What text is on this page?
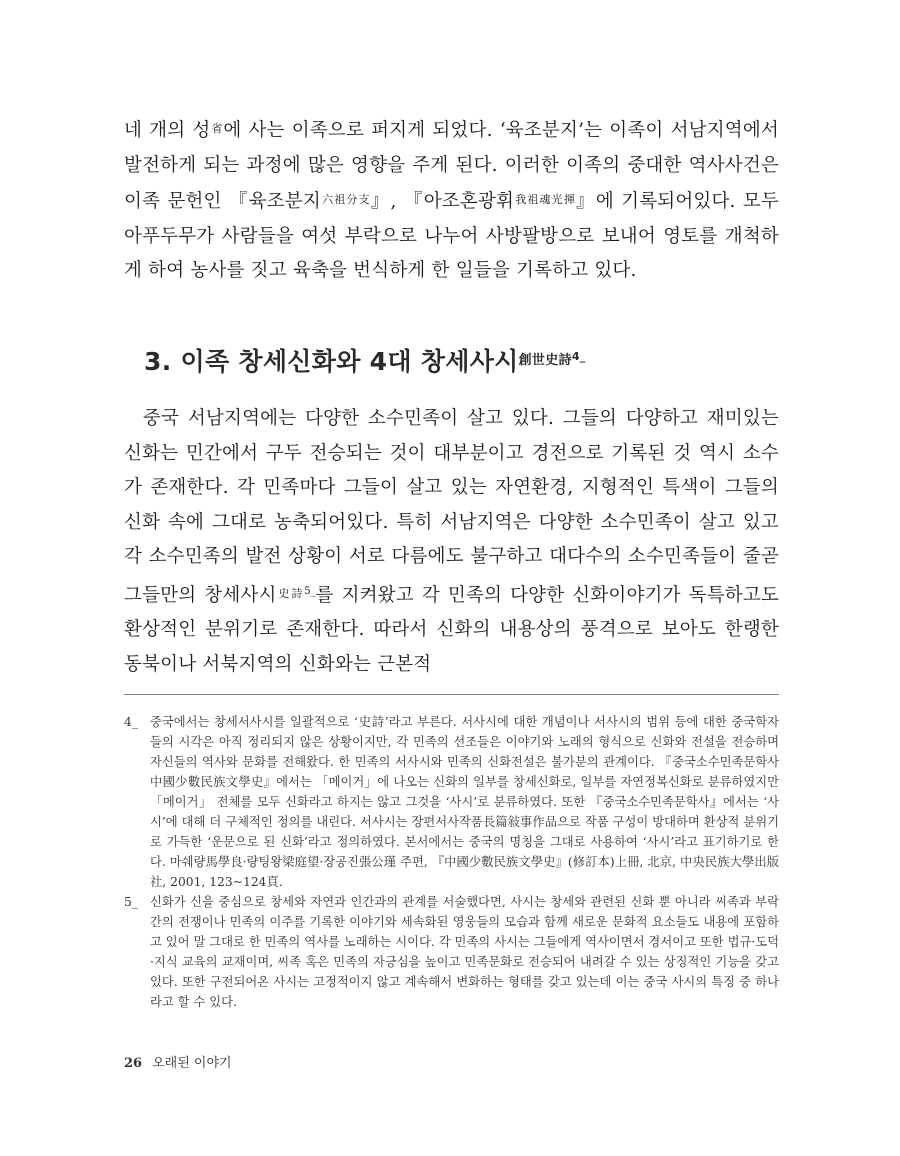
네 개의 성$^省$에 사는 이족으로 퍼지게 되었다. ‘육조분지’는 이족이 서남지역에서 발전하게 되는 과정에 많은 영향을 주게 된다. 이러한 이족의 중대한 역사사건은 이족 문헌인 『육조분지$^{六祖分支}$』, 『아조혼광휘$^{我祖魂光揮}$』에 기록되어있다. 모두 아푸두무가 사람들을 여섯 부락으로 나누어 사방팔방으로 보내어 영토를 개척하게 하여 농사를 짓고 육축을 번식하게 한 일들을 기록하고 있다.

3. 이족 창세신화와 4대 창세사시$^{創世史詩4\_}$

중국 서남지역에는 다양한 소수민족이 살고 있다. 그들의 다양하고 재미있는 신화는 민간에서 구두 전승되는 것이 대부분이고 경전으로 기록된 것 역시 소수가 존재한다. 각 민족마다 그들이 살고 있는 자연환경, 지형적인 특색이 그들의 신화 속에 그대로 농축되어있다. 특히 서남지역은 다양한 소수민족이 살고 있고 각 소수민족의 발전 상황이 서로 다름에도 불구하고 대다수의 소수민족들이 줄곧 그들만의 창세사시$^{史詩5\_}$를 지켜왔고 각 민족의 다양한 신화이야기가 독특하고도 환상적인 분위기로 존재한다. 따라서 신화의 내용상의 풍격으로 보아도 한랭한 동북이나 서북지역의 신화와는 근본적

4_ 중국에서는 창세서사시를 일괄적으로 ‘史詩’라고 부른다. 서사시에 대한 개념이나 서사시의 범위 등에 대한 중국학자들의 시각은 아직 정리되지 않은 상황이지만, 각 민족의 선조들은 이야기와 노래의 형식으로 신화와 전설을 전승하며 자신들의 역사와 문화를 전해왔다. 한 민족의 서사시와 민족의 신화전설은 불가분의 관계이다. 『중국소수민족문학사中國少數民族文學史』에서는 「메이거」에 나오는 신화의 일부를 창세신화로, 일부를 자연정복신화로 분류하였지만 「메이거」 전체를 모두 신화라고 하지는 않고 그것을 ‘사시’로 분류하였다. 또한 『중국소수민족문학사』에서는 ‘사시’에 대해 더 구체적인 정의를 내린다. 서사시는 장편서사작품長篇敍事作品으로 작품 구성이 방대하며 환상적 분위기로 가득한 ‘운문으로 된 신화’라고 정의하였다. 본서에서는 중국의 명칭을 그대로 사용하여 ‘사시’라고 표기하기로 한다. 마쉐량馬學良·량팅왕梁庭望·장공진張公瑾 주편, 『中國少數民族文學史』(修訂本)上冊, 北京, 中央民族大學出版社, 2001, 123~124頁.
5_ 신화가 신을 중심으로 창세와 자연과 인간과의 관계를 서술했다면, 사시는 창세와 관련된 신화 뿐 아니라 씨족과 부락간의 전쟁이나 민족의 이주를 기록한 이야기와 세속화된 영웅들의 모습과 함께 새로운 문화적 요소들도 내용에 포함하고 있어 말 그대로 한 민족의 역사를 노래하는 시이다. 각 민족의 사시는 그들에게 역사이면서 경서이고 또한 법규·도덕·지식 교육의 교재이며, 씨족 혹은 민족의 자긍심을 높이고 민족문화로 전승되어 내려갈 수 있는 상징적인 기능을 갖고 있다. 또한 구전되어온 사시는 고정적이지 않고 계속해서 변화하는 형태를 갖고 있는데 이는 중국 사시의 특징 중 하나라고 할 수 있다.
26 오래된 이야기
